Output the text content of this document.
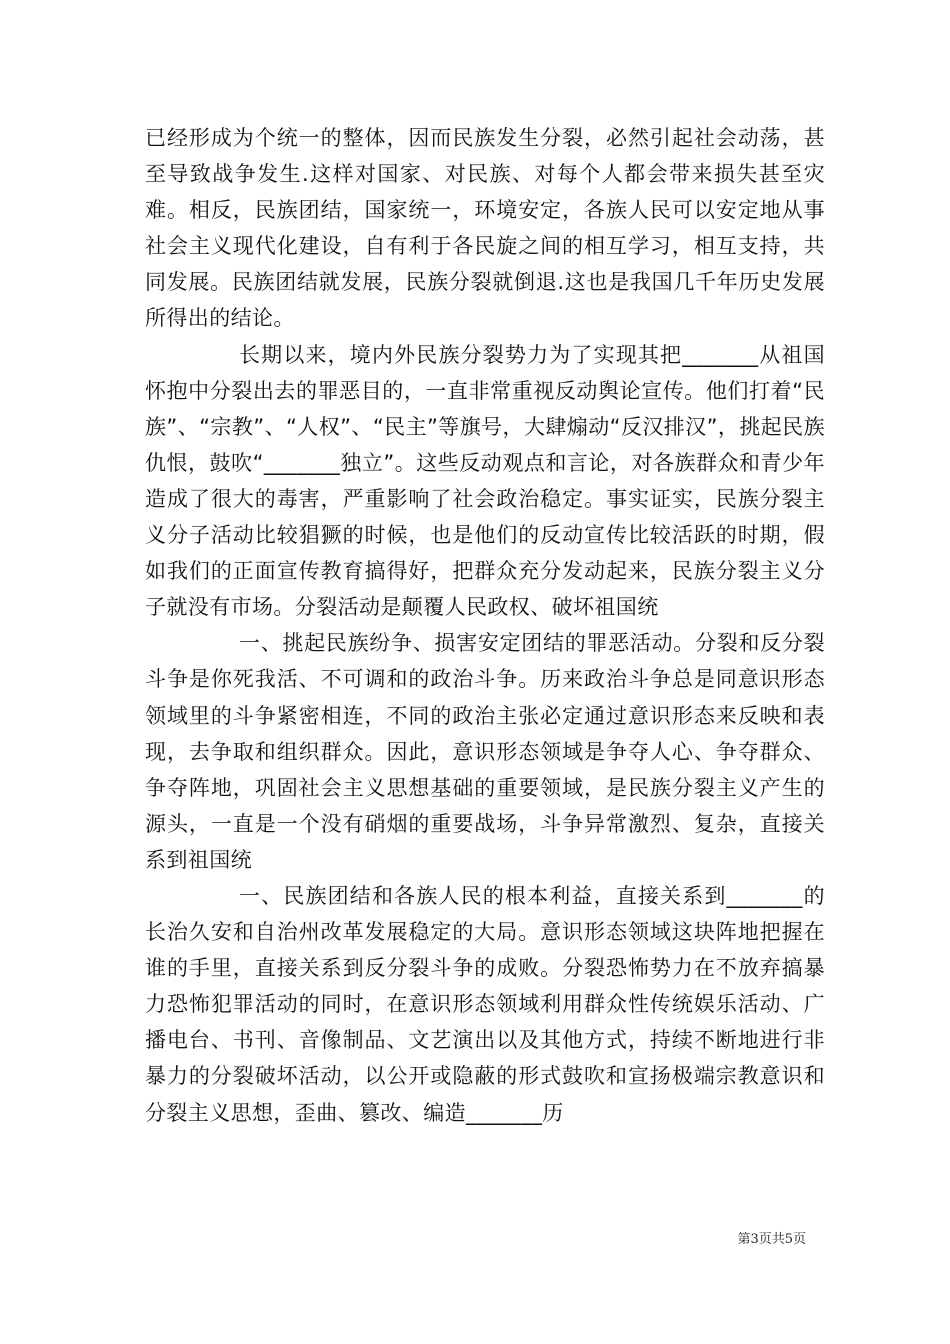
已经形成为个统一的整体，因而民族发生分裂，必然引起社会动荡，甚至导致战争发生.这样对国家、对民族、对每个人都会带来损失甚至灾难。相反，民族团结，国家统一，环境安定，各族人民可以安定地从事社会主义现代化建设，自有利于各民旋之间的相互学习，相互支持，共同发展。民族团结就发展，民族分裂就倒退.这也是我国几千年历史发展所得出的结论。

长期以来，境内外民族分裂势力为了实现其把_______从祖国怀抱中分裂出去的罪恶目的，一直非常重视反动舆论宣传。他们打着“民族”、“宗教”、“人权”、“民主”等旗号，大肆煽动“反汉排汉”，挑起民族仇恨，鼓吹“_______独立”。这些反动观点和言论，对各族群众和青少年造成了很大的毒害，严重影响了社会政治稳定。事实证实，民族分裂主义分子活动比较猖獗的时候，也是他们的反动宣传比较活跃的时期，假如我们的正面宣传教育搞得好，把群众充分发动起来，民族分裂主义分子就没有市场。分裂活动是颠覆人民政权、破坏祖国统

一、挑起民族纷争、损害安定团结的罪恶活动。分裂和反分裂斗争是你死我活、不可调和的政治斗争。历来政治斗争总是同意识形态领域里的斗争紧密相连，不同的政治主张必定通过意识形态来反映和表现，去争取和组织群众。因此，意识形态领域是争夺人心、争夺群众、争夺阵地，巩固社会主义思想基础的重要领域，是民族分裂主义产生的源头，一直是一个没有硝烟的重要战场，斗争异常激烈、复杂，直接关系到祖国统

一、民族团结和各族人民的根本利益，直接关系到_______的长治久安和自治州改革发展稳定的大局。意识形态领域这块阵地把握在谁的手里，直接关系到反分裂斗争的成败。分裂恐怖势力在不放弃搞暴力恐怖犯罪活动的同时，在意识形态领域利用群众性传统娱乐活动、广播电台、书刊、音像制品、文艺演出以及其他方式，持续不断地进行非暴力的分裂破坏活动，以公开或隐蔽的形式鼓吹和宣扬极端宗教意识和分裂主义思想，歪曲、篡改、编造_______历

第3页共5页
